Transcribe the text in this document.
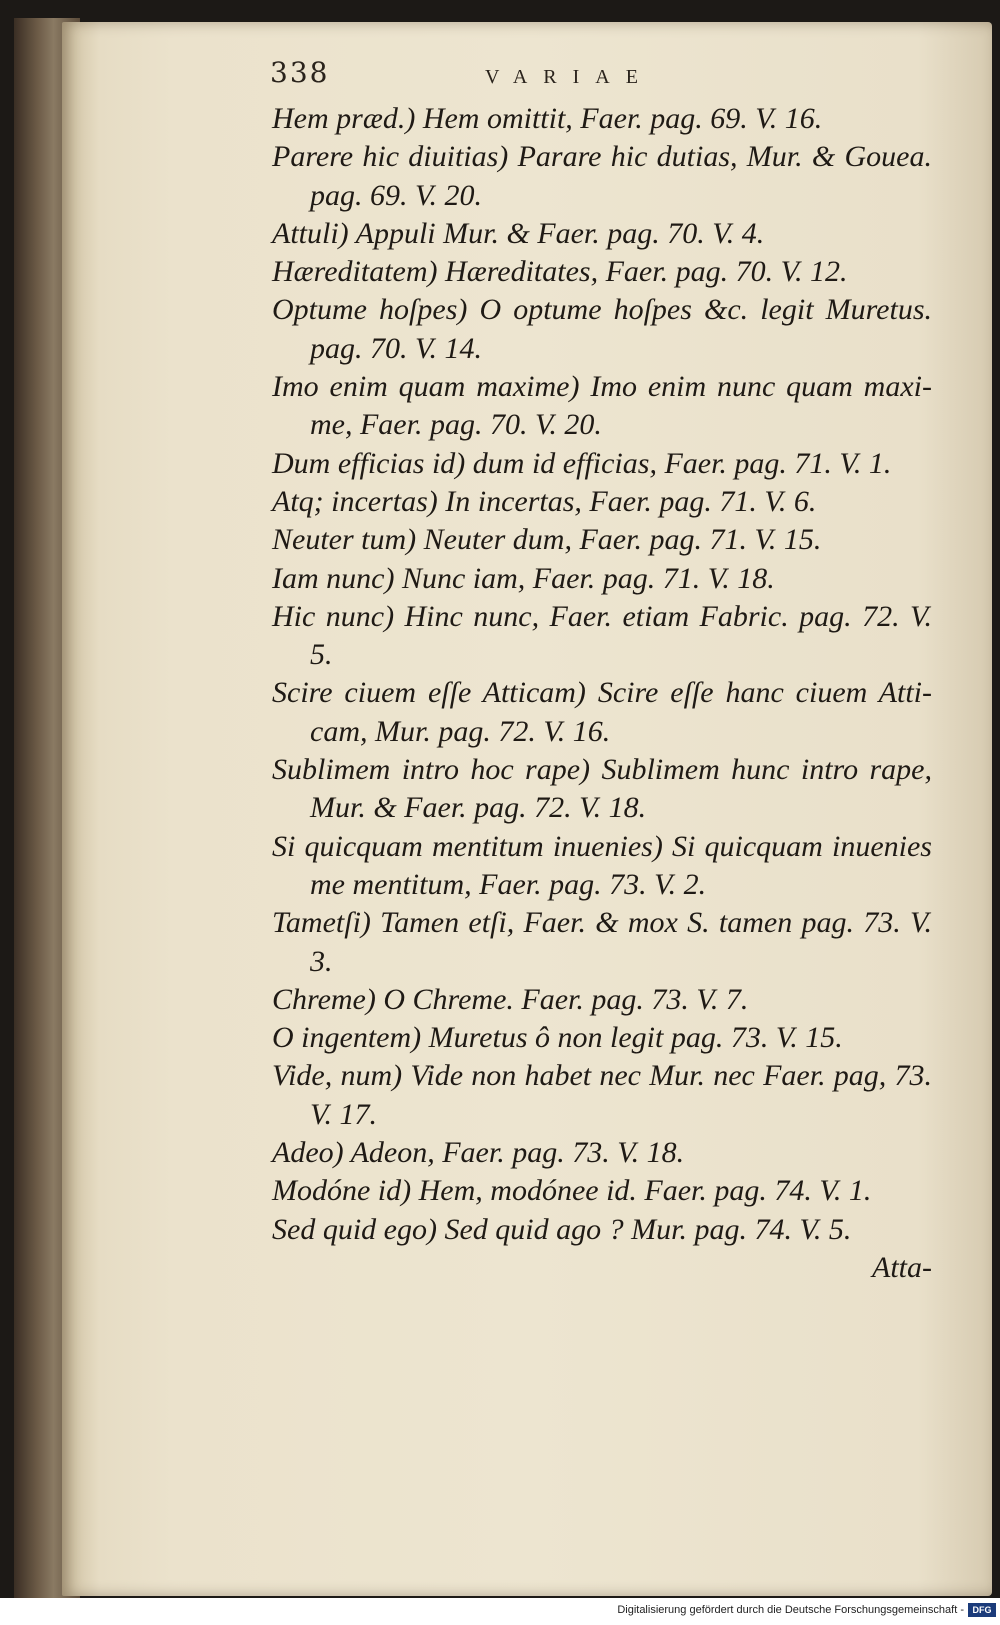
338	VARIAE
Hem præd.) Hem omittit, Faer. pag. 69. V. 16.
Parere hic diuitias) Parare hic dutias, Mur. & Gouea. pag. 69. V. 20.
Attuli) Appuli Mur. & Faer. pag. 70. V. 4.
Hæreditatem) Hæreditates, Faer. pag. 70. V. 12.
Optume hoſpes) O optume hoſpes &c. legit Muretus. pag. 70. V. 14.
Imo enim quam maxime) Imo enim nunc quam maxi- me, Faer. pag. 70. V. 20.
Dum efficias id) dum id efficias, Faer. pag. 71. V. 1.
Atq; incertas) In incertas, Faer. pag. 71. V. 6.
Neuter tum) Neuter dum, Faer. pag. 71. V. 15.
Iam nunc) Nunc iam, Faer. pag. 71. V. 18.
Hic nunc) Hinc nunc, Faer. etiam Fabric. pag. 72. V. 5.
Scire ciuem eſſe Atticam) Scire eſſe hanc ciuem Atti- cam, Mur. pag. 72. V. 16.
Sublimem intro hoc rape) Sublimem hunc intro rape, Mur. & Faer. pag. 72. V. 18.
Si quicquam mentitum inuenies) Si quicquam inuenies me mentitum, Faer. pag. 73. V. 2.
Tametſi) Tamen etſi, Faer. & mox S. tamen pag. 73. V. 3.
Chreme) O Chreme. Faer. pag. 73. V. 7.
O ingentem) Muretus ô non legit pag. 73. V. 15.
Vide, num) Vide non habet nec Mur. nec Faer. pag, 73. V. 17.
Adeo) Adeon, Faer. pag. 73. V. 18.
Modóne id) Hem, modónee id. Faer. pag. 74. V. 1.
Sed quid ego) Sed quid ago ? Mur. pag. 74. V. 5.
Atta-
Digitalisierung gefördert durch die Deutsche Forschungsgemeinschaft - DFG
